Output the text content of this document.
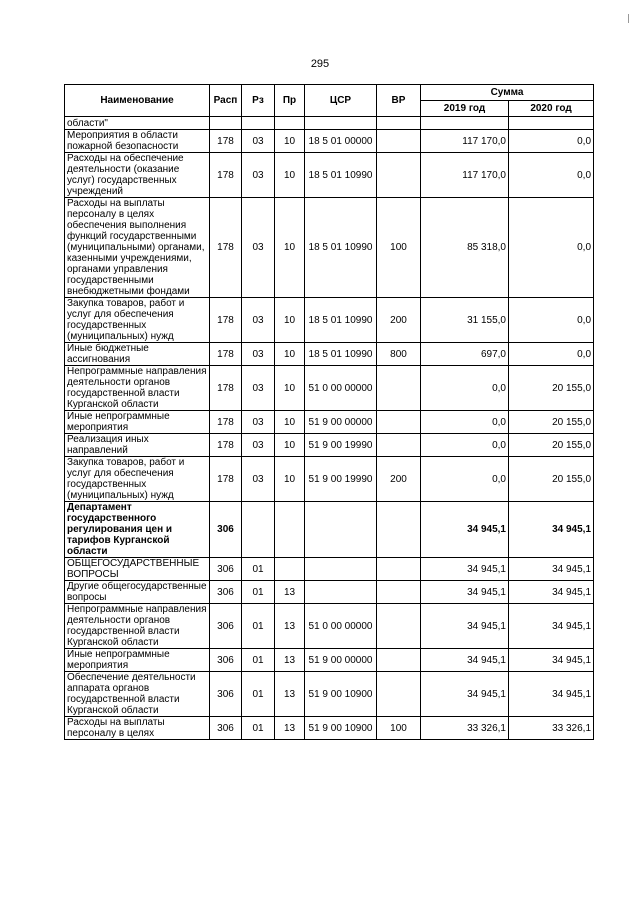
295
Наименование	Расп	Рз	Пр	ЦСР	ВР	Сумма	
						2019 год	2020 год
области"							
Мероприятия в области пожарной безопасности	178	03	10	18 5 01 00000		117 170,0	0,0
Расходы на обеспечение деятельности (оказание услуг) государственных учреждений	178	03	10	18 5 01 10990		117 170,0	0,0
Расходы на выплаты персоналу в целях обеспечения выполнения функций государственными (муниципальными) органами, казенными учреждениями, органами управления государственными внебюджетными фондами	178	03	10	18 5 01 10990	100	85 318,0	0,0
Закупка товаров, работ и услуг для обеспечения государственных (муниципальных) нужд	178	03	10	18 5 01 10990	200	31 155,0	0,0
Иные бюджетные ассигнования	178	03	10	18 5 01 10990	800	697,0	0,0
Непрограммные направления деятельности органов государственной власти Курганской области	178	03	10	51 0 00 00000		0,0	20 155,0
Иные непрограммные мероприятия	178	03	10	51 9 00 00000		0,0	20 155,0
Реализация иных направлений	178	03	10	51 9 00 19990		0,0	20 155,0
Закупка товаров, работ и услуг для обеспечения государственных (муниципальных) нужд	178	03	10	51 9 00 19990	200	0,0	20 155,0
Департамент государственного регулирования цен и тарифов Курганской области	306					34 945,1	34 945,1
ОБЩЕГОСУДАРСТВЕННЫЕ ВОПРОСЫ	306	01				34 945,1	34 945,1
Другие общегосударственные вопросы	306	01	13			34 945,1	34 945,1
Непрограммные направления деятельности органов государственной власти Курганской области	306	01	13	51 0 00 00000		34 945,1	34 945,1
Иные непрограммные мероприятия	306	01	13	51 9 00 00000		34 945,1	34 945,1
Обеспечение деятельности аппарата органов государственной власти Курганской области	306	01	13	51 9 00 10900		34 945,1	34 945,1
Расходы на выплаты персоналу в целях	306	01	13	51 9 00 10900	100	33 326,1	33 326,1
